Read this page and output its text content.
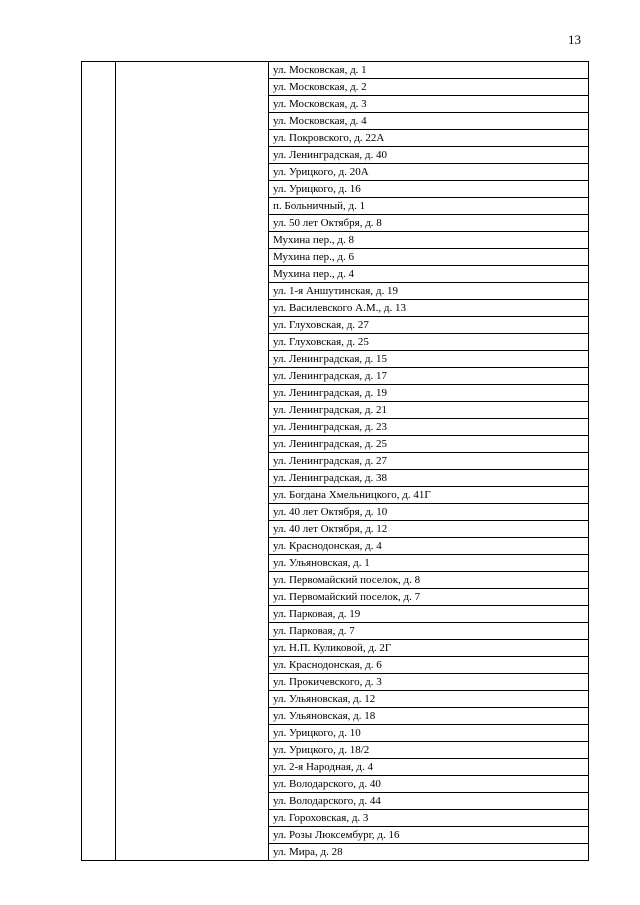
13
		ул. Московская, д. 1
ул. Московская, д. 2
ул. Московская, д. 3
ул. Московская, д. 4
ул. Покровского, д. 22А
ул. Ленинградская, д. 40
ул. Урицкого, д. 20А
ул. Урицкого, д. 16
п. Больничный, д. 1
ул. 50 лет Октября, д. 8
Мухина пер., д. 8
Мухина пер., д. 6
Мухина пер., д. 4
ул. 1-я Аншутинская, д. 19
ул. Василевского А.М., д. 13
ул. Глуховская, д. 27
ул. Глуховская, д. 25
ул. Ленинградская, д. 15
ул. Ленинградская, д. 17
ул. Ленинградская, д. 19
ул. Ленинградская, д. 21
ул. Ленинградская, д. 23
ул. Ленинградская, д. 25
ул. Ленинградская, д. 27
ул. Ленинградская, д. 38
ул. Богдана Хмельницкого, д. 41Г
ул. 40 лет Октября, д. 10
ул. 40 лет Октября, д. 12
ул. Краснодонская, д. 4
ул. Ульяновская, д. 1
ул. Первомайский поселок, д. 8
ул. Первомайский поселок, д. 7
ул. Парковая, д. 19
ул. Парковая, д. 7
ул. Н.П. Куликовой, д. 2Г
ул. Краснодонская, д. 6
ул. Прокичевского, д. 3
ул. Ульяновская, д. 12
ул. Ульяновская, д. 18
ул. Урицкого, д. 10
ул. Урицкого, д. 18/2
ул. 2-я Народная, д. 4
ул. Володарского, д. 40
ул. Володарского, д. 44
ул. Гороховская, д. 3
ул. Розы Люксембург, д. 16
ул. Мира, д. 28
